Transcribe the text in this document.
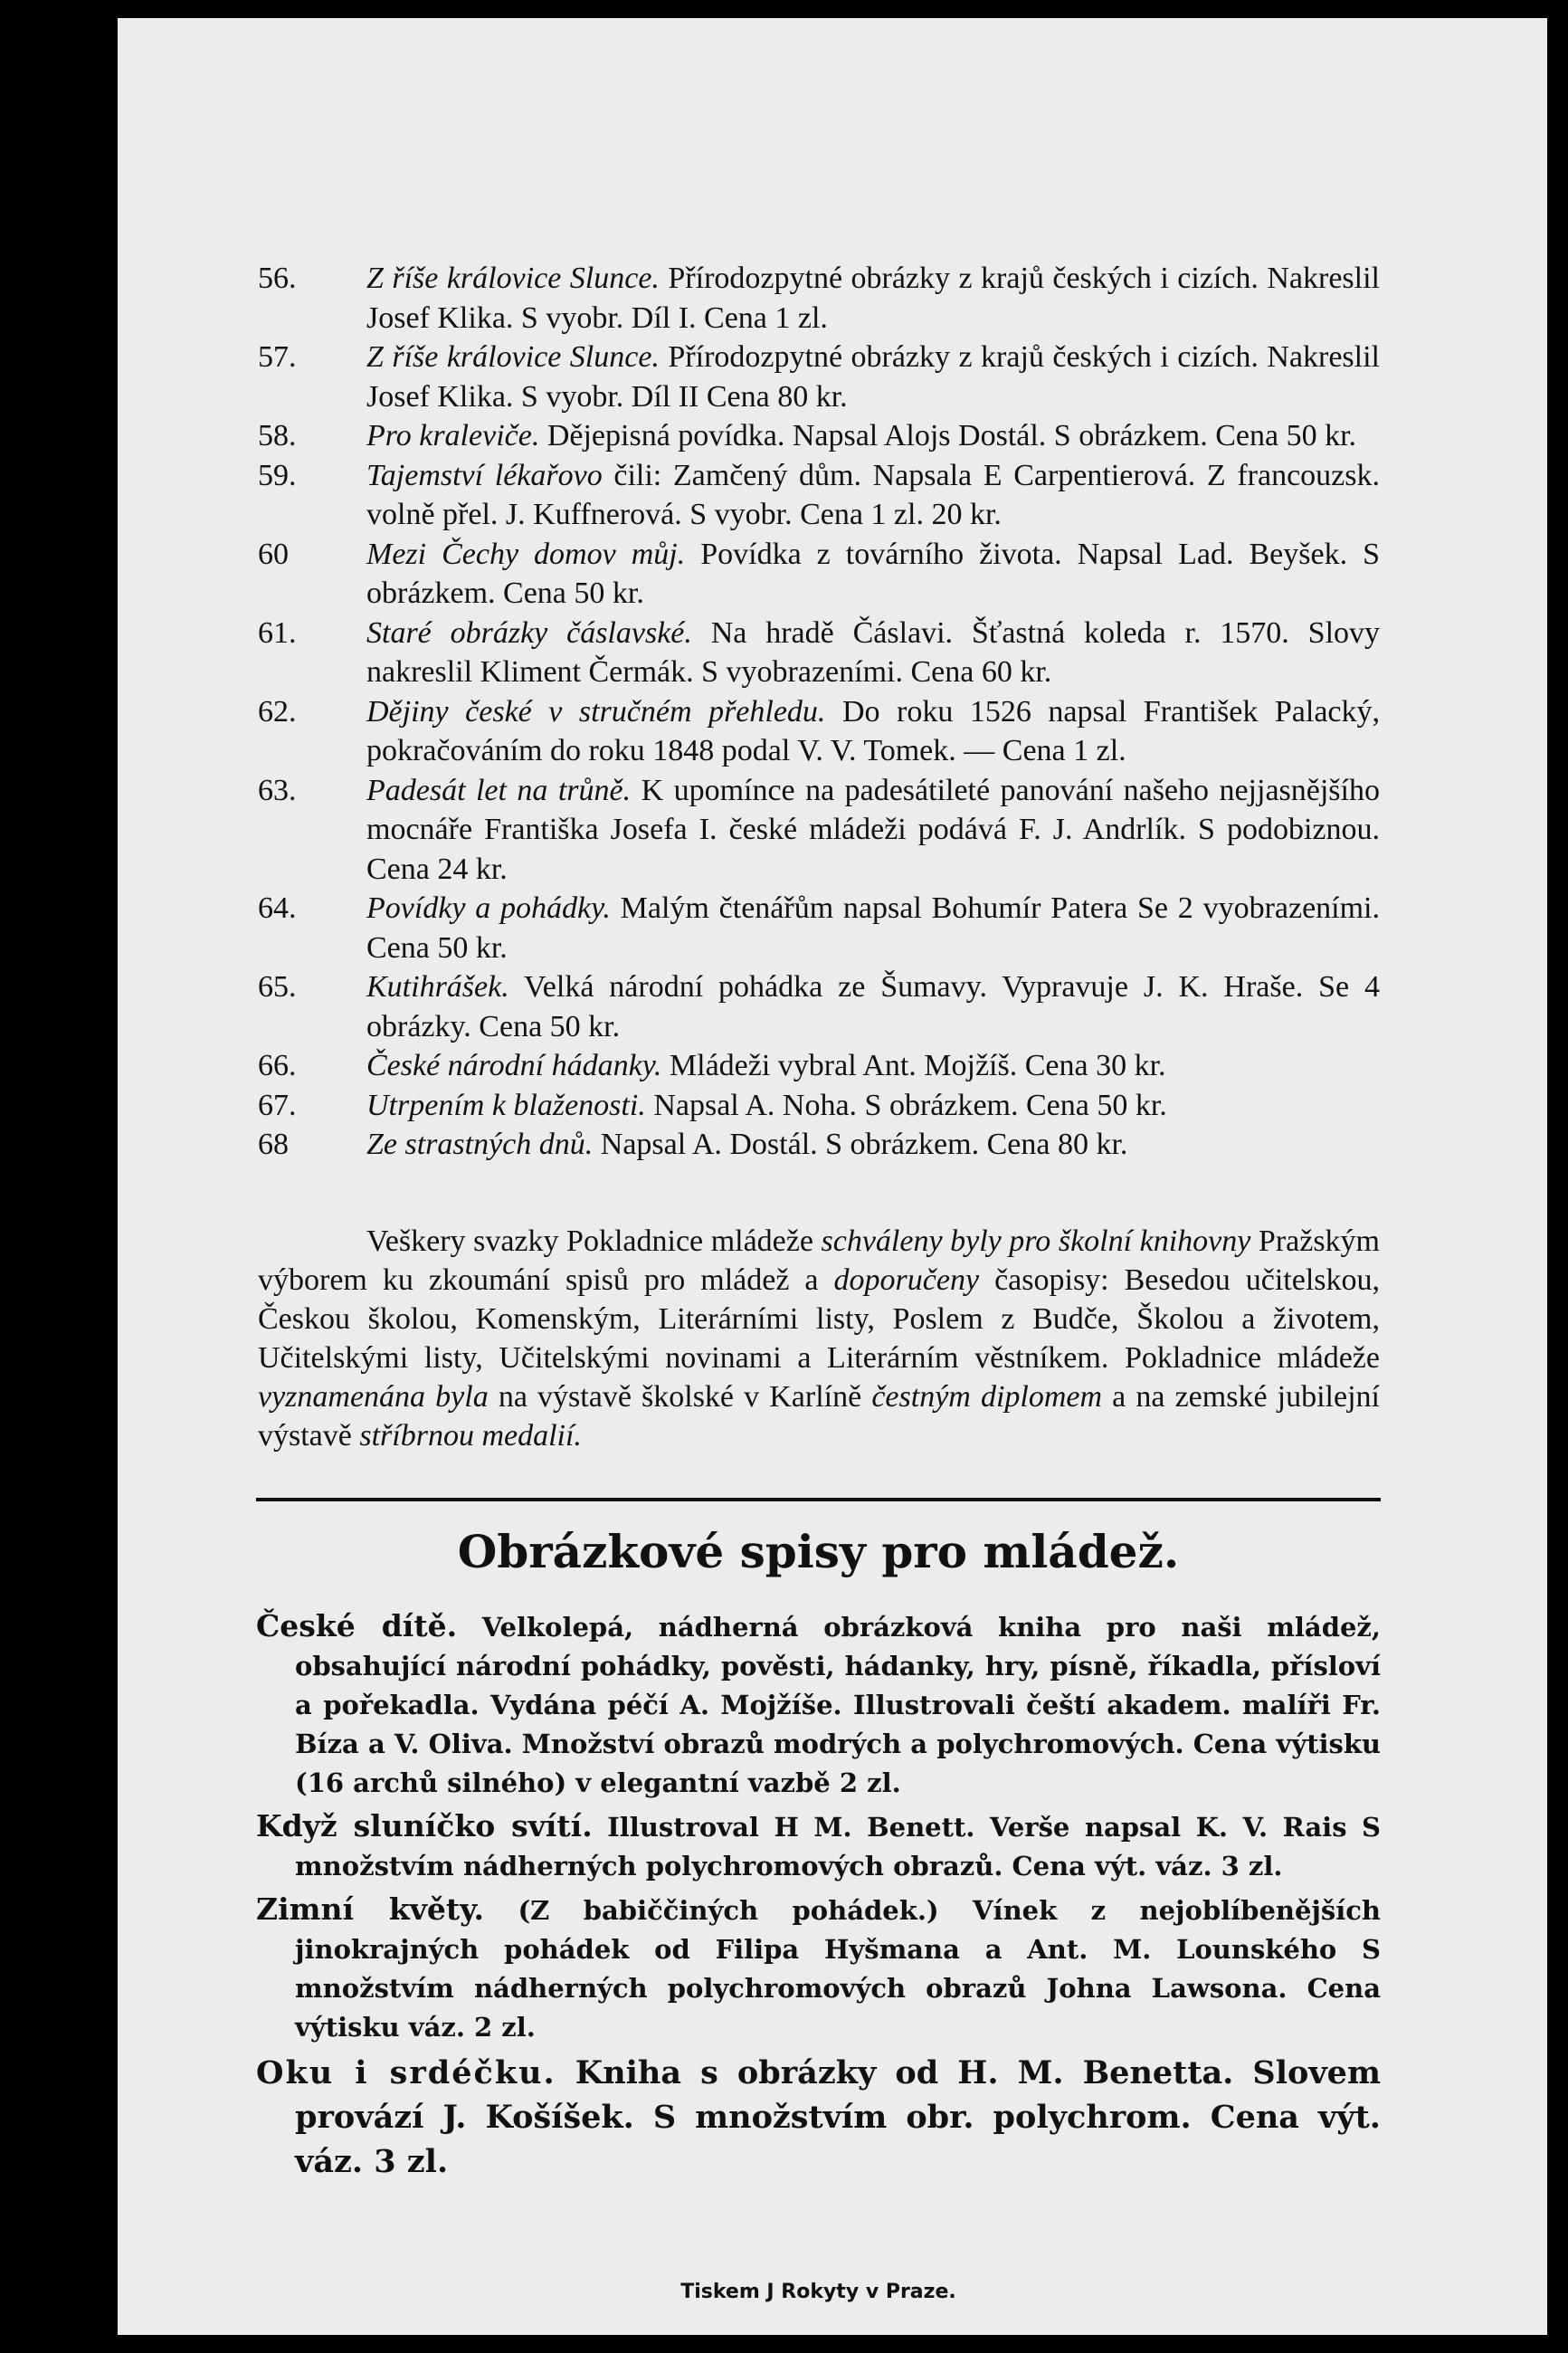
56.	Z říše královice Slunce. Přírodozpytné obrázky z krajů českých i cizích. Nakreslil Josef Klika. S vyobr. Díl I. Cena 1 zl.
57.	Z říše královice Slunce. Přírodozpytné obrázky z krajů českých i cizích. Nakreslil Josef Klika. S vyobr. Díl II Cena 80 kr.
58.	Pro kraleviče. Dějepisná povídka. Napsal Alojs Dostál. S obrázkem. Cena 50 kr.
59.	Tajemství lékařovo čili: Zamčený dům. Napsala E Carpentierová. Z francouzsk. volně přel. J. Kuffnerová. S vyobr. Cena 1 zl. 20 kr.
60	Mezi Čechy domov můj. Povídka z továrního života. Napsal Lad. Beyšek. S obrázkem. Cena 50 kr.
61.	Staré obrázky čáslavské. Na hradě Čáslavi. Šťastná koleda r. 1570. Slovy nakreslil Kliment Čermák. S vyobrazeními. Cena 60 kr.
62.	Dějiny české v stručném přehledu. Do roku 1526 napsal František Palacký, pokračováním do roku 1848 podal V. V. Tomek. — Cena 1 zl.
63.	Padesát let na trůně. K upomínce na padesátileté panování našeho nejjasnějšího mocnáře Františka Josefa I. české mládeži podává F. J. Andrlík. S podobiznou. Cena 24 kr.
64.	Povídky a pohádky. Malým čtenářům napsal Bohumír Patera Se 2 vyobrazeními. Cena 50 kr.
65.	Kutihrášek. Velká národní pohádka ze Šumavy. Vypravuje J. K. Hraše. Se 4 obrázky. Cena 50 kr.
66.	České národní hádanky. Mládeži vybral Ant. Mojžíš. Cena 30 kr.
67.	Utrpením k blaženosti. Napsal A. Noha. S obrázkem. Cena 50 kr.
68	Ze strastných dnů. Napsal A. Dostál. S obrázkem. Cena 80 kr.
Veškery svazky Pokladnice mládeže schváleny byly pro školní knihovny Pražským výborem ku zkoumání spisů pro mládež a doporučeny časopisy: Besedou učitelskou, Českou školou, Komenským, Literárními listy, Poslem z Budče, Školou a životem, Učitelskými listy, Učitelskými novinami a Literárním věstníkem. Pokladnice mládeže vyznamenána byla na výstavě školské v Karlíně čestným diplomem a na zemské jubilejní výstavě stříbrnou medalií.
Obrázkové spisy pro mládež.
České dítě. Velkolepá, nádherná obrázková kniha pro naši mládež, obsahující národní pohádky, pověsti, hádanky, hry, písně, říkadla, přísloví a pořekadla. Vydána péčí A. Mojžíše. Illustrovali čeští akadem. malíři Fr. Bíza a V. Oliva. Množství obrazů modrých a polychromových. Cena výtisku (16 archů silného) v elegantní vazbě 2 zl.
Když sluníčko svítí. Illustroval H M. Benett. Verše napsal K. V. Rais S množstvím nádherných polychromových obrazů. Cena výt. váz. 3 zl.
Zimní květy. (Z babiččiných pohádek.) Vínek z nejoblíbenějších jinokrajných pohádek od Filipa Hyšmana a Ant. M. Lounského S množstvím nádherných polychromových obrazů Johna Lawsona. Cena výtisku váz. 2 zl.
Oku i srdéčku. Kniha s obrázky od H. M. Benetta. Slovem provází J. Košíšek. S množstvím obr. polychrom. Cena výt. váz. 3 zl.
Tiskem J Rokyty v Praze.
